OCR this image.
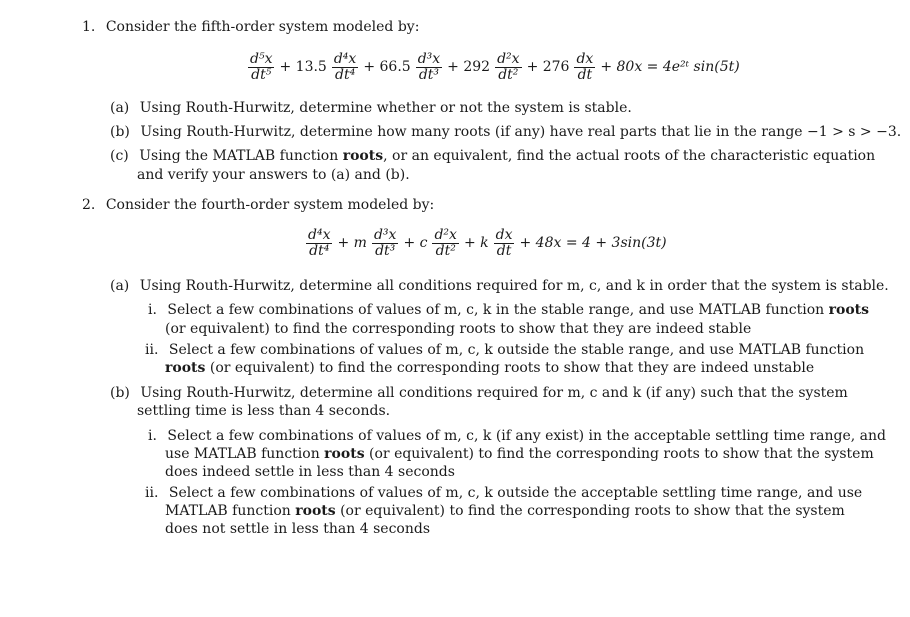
1. Consider the fifth-order system modeled by:
$\frac{\text{d⁵x}}{\text{dt⁵}} + 13.5 \frac{\text{d⁴x}}{\text{dt⁴}} + 66.5 \frac{\text{d³x}}{\text{dt³}} + 292 \frac{\text{d²x}}{\text{dt²}} + 276 \frac{dx}{dt} + 80x$ = 4e²ᵗ sin(5t)
(a) Using Routh-Hurwitz, determine whether or not the system is stable.
(b) Using Routh-Hurwitz, determine how many roots (if any) have real parts that lie in the range −1 > s > −3.
(c) Using the MATLAB function roots, or an equivalent, find the actual roots of the characteristic equation
and verify your answers to (a) and (b).
2. Consider the fourth-order system modeled by:
$\frac{\text{d⁴x}}{\text{dt⁴}} + m \frac{\text{d³x}}{\text{dt³}} + c \frac{\text{d²x}}{\text{dt²}} + k \frac{dx}{dt} + 48x = 4 + 3\sin(3t)$
(a) Using Routh-Hurwitz, determine all conditions required for m, c, and k in order that the system is stable.
i. Select a few combinations of values of m, c, k in the stable range, and use MATLAB function roots
(or equivalent) to find the corresponding roots to show that they are indeed stable
ii. Select a few combinations of values of m, c, k outside the stable range, and use MATLAB function
roots (or equivalent) to find the corresponding roots to show that they are indeed unstable
(b) Using Routh-Hurwitz, determine all conditions required for m, c and k (if any) such that the system
settling time is less than 4 seconds.
i. Select a few combinations of values of m, c, k (if any exist) in the acceptable settling time range, and
use MATLAB function roots (or equivalent) to find the corresponding roots to show that the system
does indeed settle in less than 4 seconds
ii. Select a few combinations of values of m, c, k outside the acceptable settling time range, and use
MATLAB function roots (or equivalent) to find the corresponding roots to show that the system
does not settle in less than 4 seconds
